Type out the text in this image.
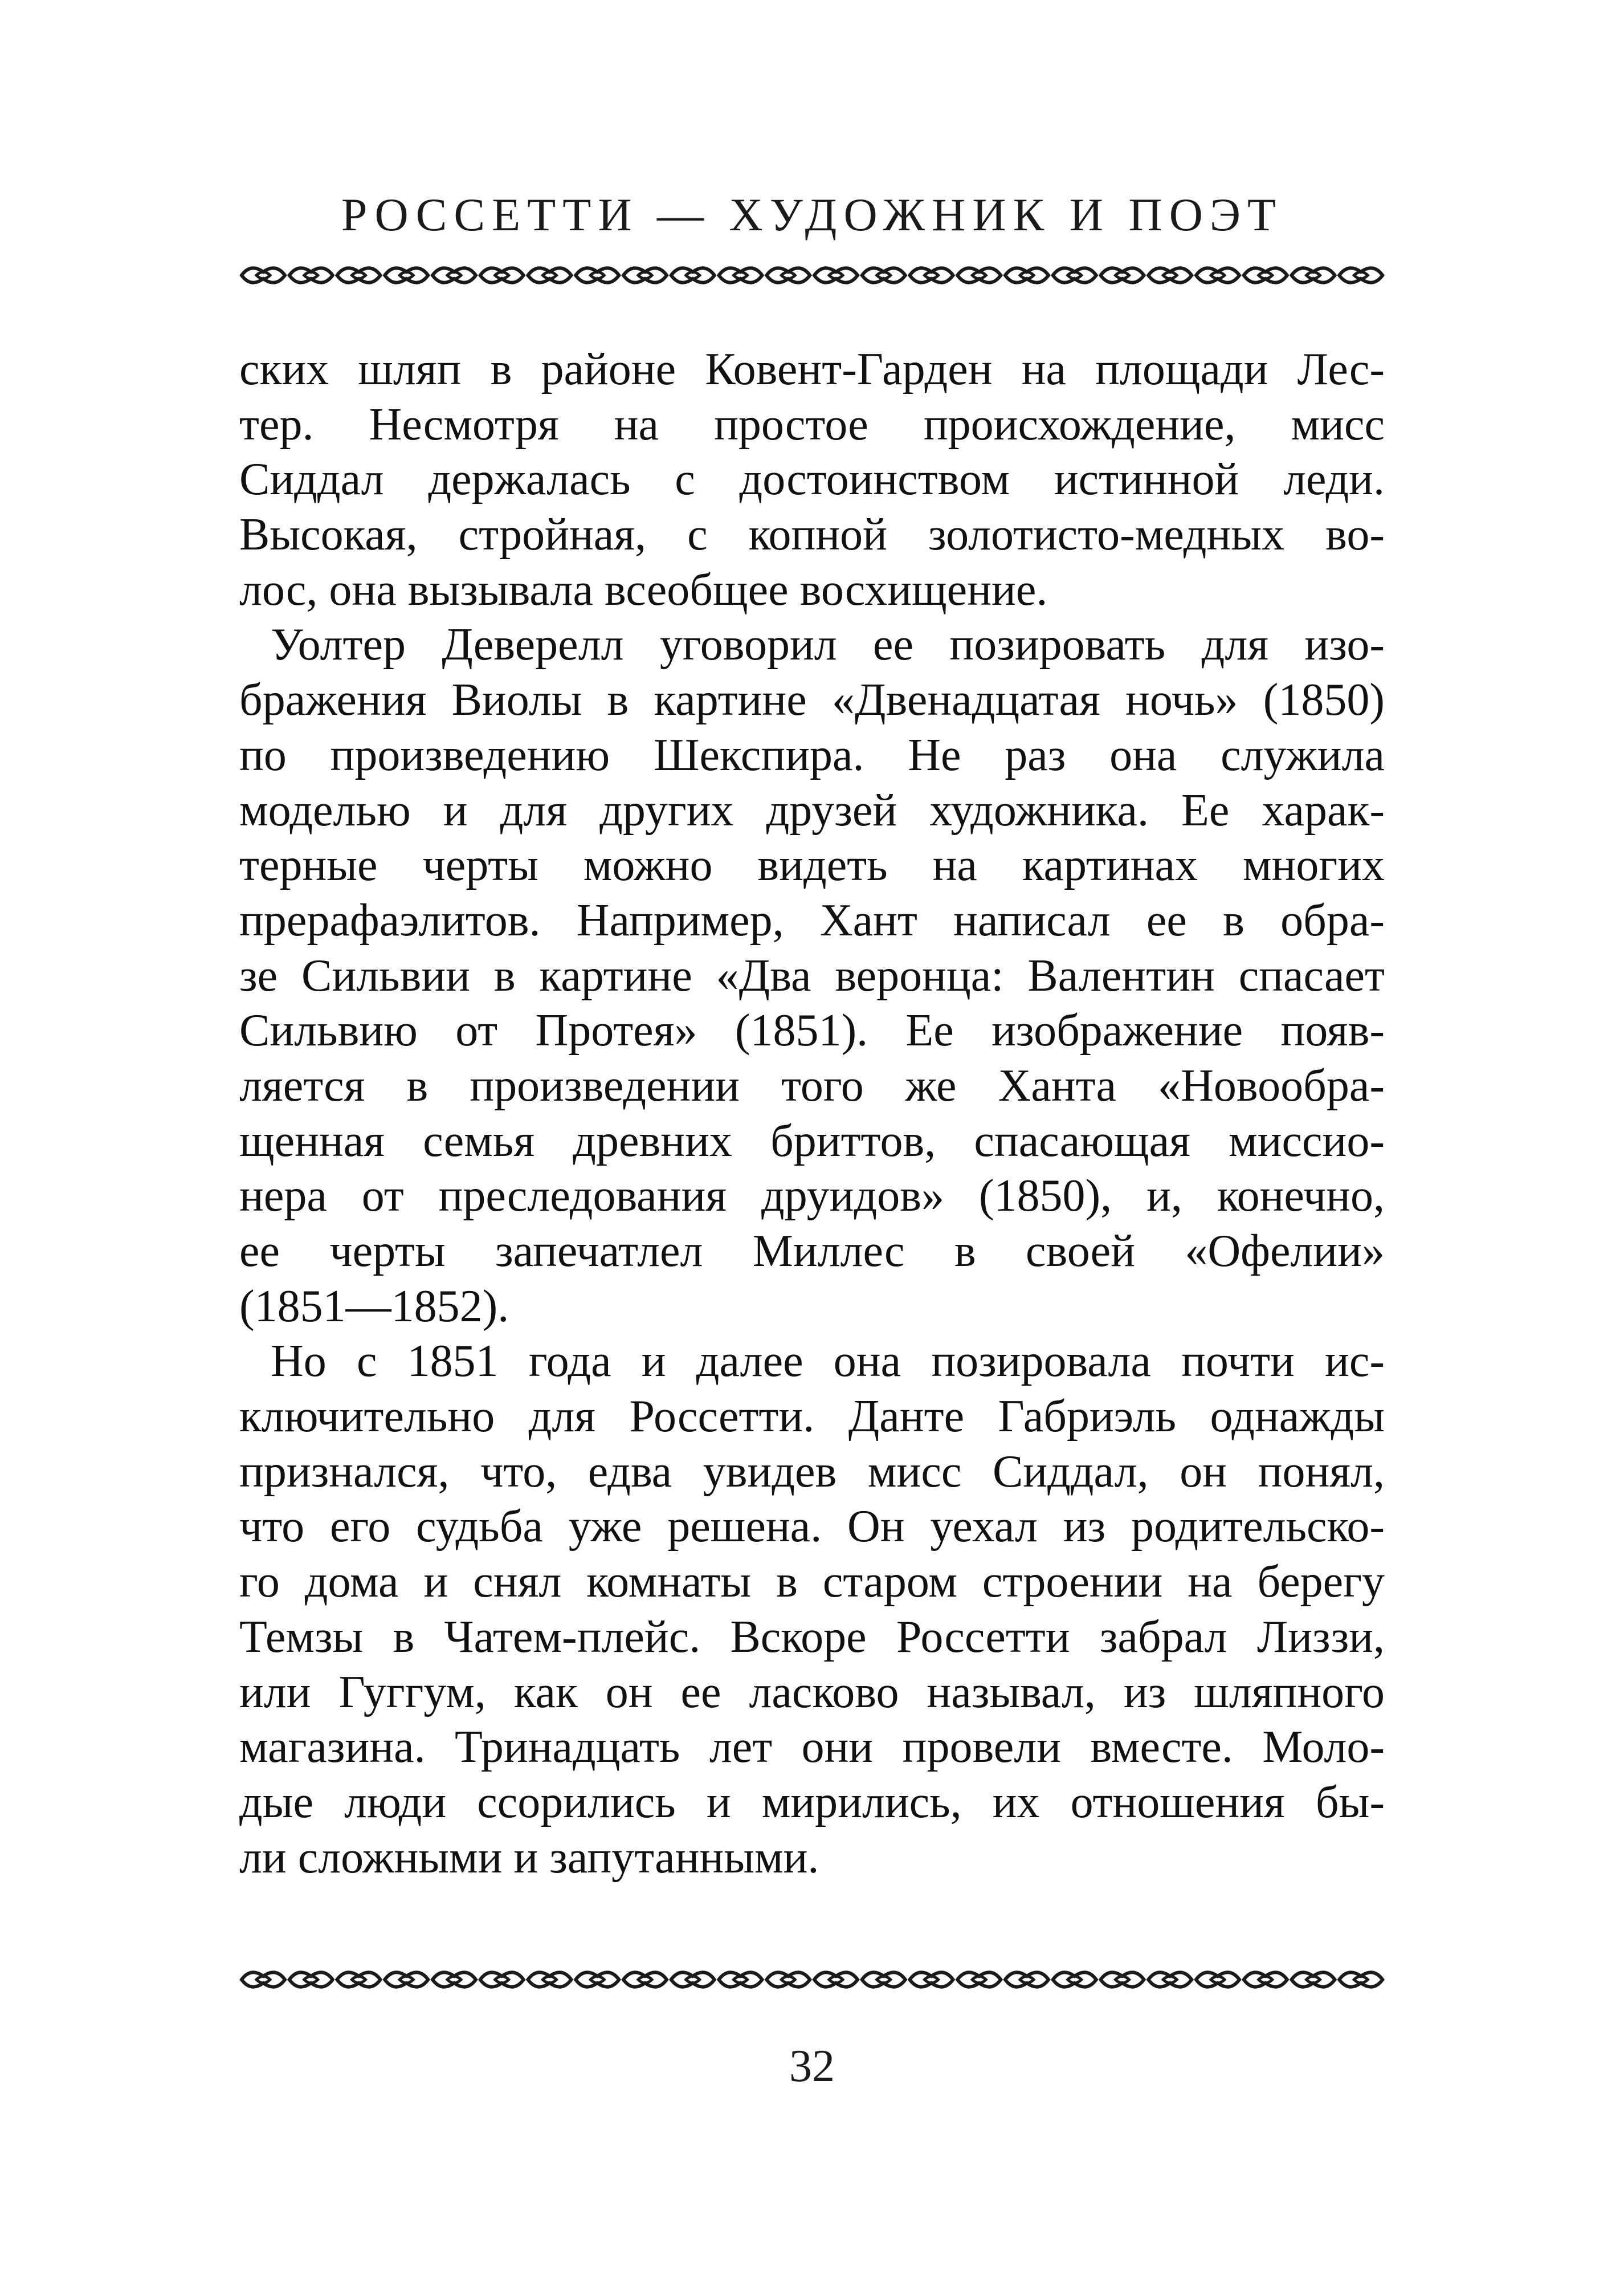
РОССЕТТИ — ХУДОЖНИК И ПОЭТ
ских шляп в районе Ковент-Гарден на площади Лес-
тер. Несмотря на простое происхождение, мисс
Сиддал держалась с достоинством истинной леди.
Высокая, стройная, с копной золотисто-медных во-
лос, она вызывала всеобщее восхищение.
Уолтер Деверелл уговорил ее позировать для изо-
бражения Виолы в картине «Двенадцатая ночь» (1850)
по произведению Шекспира. Не раз она служила
моделью и для других друзей художника. Ее харак-
терные черты можно видеть на картинах многих
прерафаэлитов. Например, Хант написал ее в обра-
зе Сильвии в картине «Два веронца: Валентин спасает
Сильвию от Протея» (1851). Ее изображение появ-
ляется в произведении того же Ханта «Новообра-
щенная семья древних бриттов, спасающая миссио-
нера от преследования друидов» (1850), и, конечно,
ее черты запечатлел Миллес в своей «Офелии»
(1851—1852).
Но с 1851 года и далее она позировала почти ис-
ключительно для Россетти. Данте Габриэль однажды
признался, что, едва увидев мисс Сиддал, он понял,
что его судьба уже решена. Он уехал из родительско-
го дома и снял комнаты в старом строении на берегу
Темзы в Чатем-плейс. Вскоре Россетти забрал Лиззи,
или Гуггум, как он ее ласково называл, из шляпного
магазина. Тринадцать лет они провели вместе. Моло-
дые люди ссорились и мирились, их отношения бы-
ли сложными и запутанными.
32
